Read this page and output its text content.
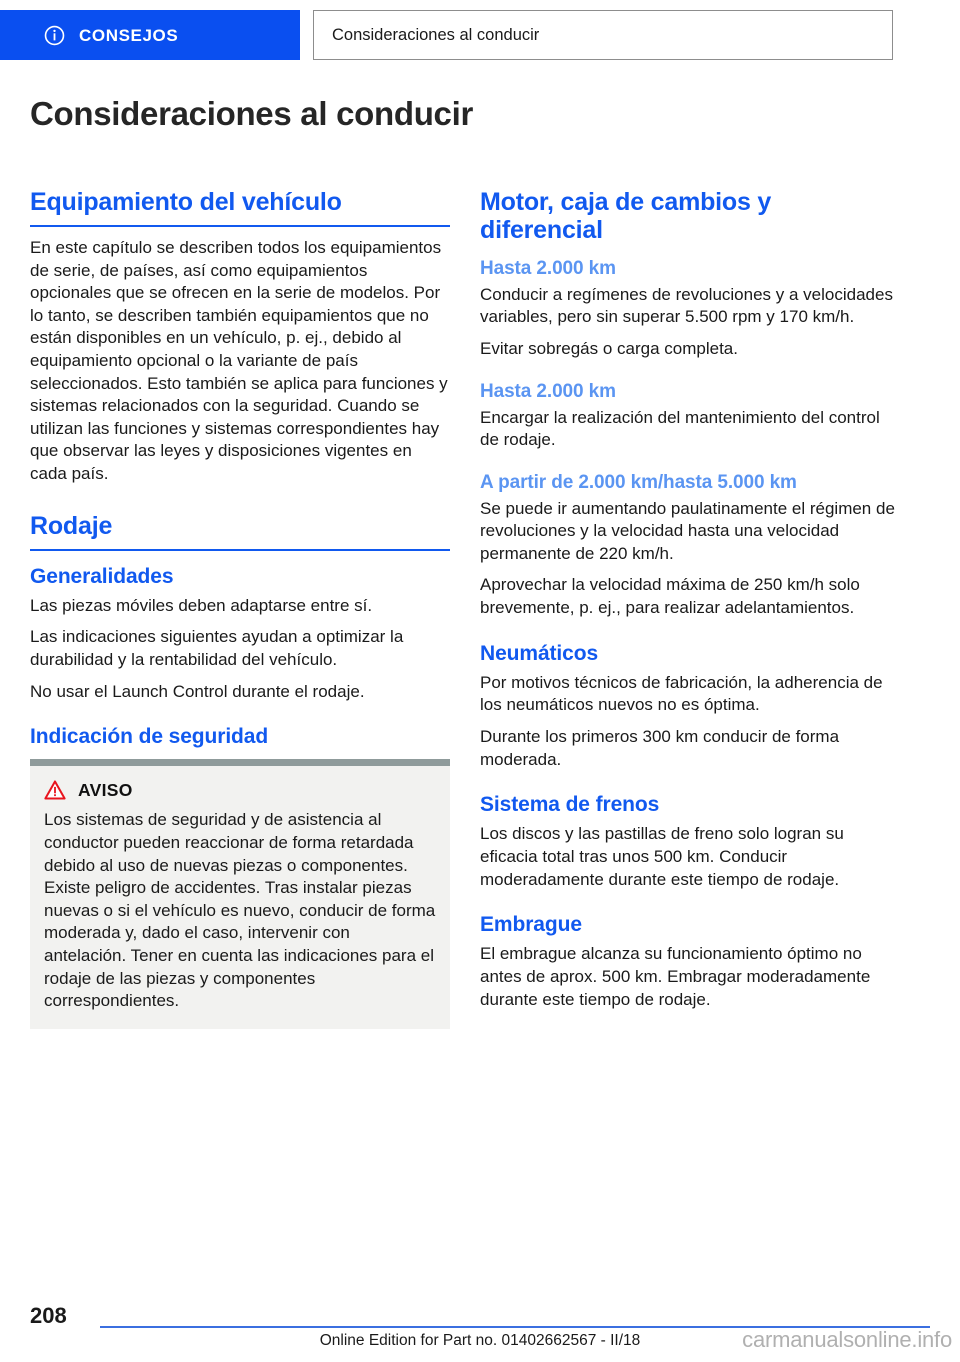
CONSEJOS	Consideraciones al conducir
Consideraciones al conducir
Equipamiento del vehículo

En este capítulo se describen todos los equipamientos de serie, de países, así como equipamientos opcionales que se ofrecen en la serie de modelos. Por lo tanto, se describen también equipamientos que no están disponibles en un vehículo, p. ej., debido al equipamiento opcional o la variante de país seleccionados. Esto también se aplica para funciones y sistemas relacionados con la seguridad. Cuando se utilizan las funciones y sistemas correspondientes hay que observar las leyes y disposiciones vigentes en cada país.

Rodaje
Generalidades

Las piezas móviles deben adaptarse entre sí.

Las indicaciones siguientes ayudan a optimizar la durabilidad y la rentabilidad del vehículo.

No usar el Launch Control durante el rodaje.

Indicación de seguridad
AVISO

Los sistemas de seguridad y de asistencia al conductor pueden reaccionar de forma retardada debido al uso de nuevas piezas o componentes. Existe peligro de accidentes. Tras instalar piezas nuevas o si el vehículo es nuevo, conducir de forma moderada y, dado el caso, intervenir con antelación. Tener en cuenta las indicaciones para el rodaje de las piezas y componentes correspondientes.

Motor, caja de cambios y diferencial
Hasta 2.000 km

Conducir a regímenes de revoluciones y a velocidades variables, pero sin superar 5.500 rpm y 170 km/h.

Evitar sobregás o carga completa.

Hasta 2.000 km

Encargar la realización del mantenimiento del control de rodaje.

A partir de 2.000 km/hasta 5.000 km

Se puede ir aumentando paulatinamente el régimen de revoluciones y la velocidad hasta una velocidad permanente de 220 km/h.

Aprovechar la velocidad máxima de 250 km/h solo brevemente, p. ej., para realizar adelantamientos.

Neumáticos

Por motivos técnicos de fabricación, la adherencia de los neumáticos nuevos no es óptima.

Durante los primeros 300 km conducir de forma moderada.

Sistema de frenos

Los discos y las pastillas de freno solo logran su eficacia total tras unos 500 km. Conducir moderadamente durante este tiempo de rodaje.

Embrague

El embrague alcanza su funcionamiento óptimo no antes de aprox. 500 km. Embragar moderadamente durante este tiempo de rodaje.

208
Online Edition for Part no. 01402662567 - II/18	carmanualsonline.info
